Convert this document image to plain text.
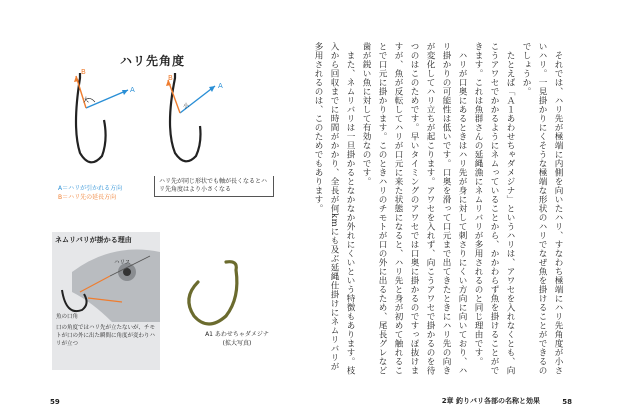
ハリ先角度
B
A
大
B
A
小
A＝ハリが引かれる方向
B＝ハリ先の延長方向
ハリ先が同じ形状でも軸が長くなるとハリ先角度はより小さくなる
ネムリバリが掛かる理由
ハリス
魚の口角
口の角度ではハリ先が立たないが、チモトが口の外に出た瞬間に角度が変わりハリが立つ
A1 あわせちゃダメジナ
(拡大写真)
59

それでは、ハリ先が極端に内側を向いたハリ、すなわち極端にハリ先角度が小さいハリ。一見掛かりにくそうな極端な形状のハリでなぜ魚を掛けることができるのでしょうか。

たとえば「Ａ１あわせちゃダメジナ」というハリは、アワセを入れなくとも、向こうアワセでかかるようにネムっていることから、かかわらず魚を掛けることができます。これは魚群さんの延縄漁にネムリバリが多用されるのと同じ理由です。

ハリが口奥にあるときはハリ先が身に対して刺さりにくい方向に向いており、ハリ掛かりの可能性は低いです。口奥を滑って口元まで出てきたときにハリ先の向きが変化してハリ立ちが起こります。アワセを入れず、向こうアワセで掛かるのを待つのはこのためです。早いタイミングのアワセでは口奥に掛かるのですっぽ抜けますが、魚が反転してハリが口元に来た状態になると、ハリ先と身が初めて触れることで口元に掛かります。このときハリのチモトが口の外に出るため、尾長グレなど歯が鋭い魚に対して有効なのです。

また、ネムリバリは一旦掛かるとなかなか外れにくいという特徴もあります。枝入から回収までに時間がかかり、全長が何kmにも及ぶ延縄仕掛けにネムリバリが多用されるのは、このためでもあります。

2章 釣りバリ各部の名称と効果	58
